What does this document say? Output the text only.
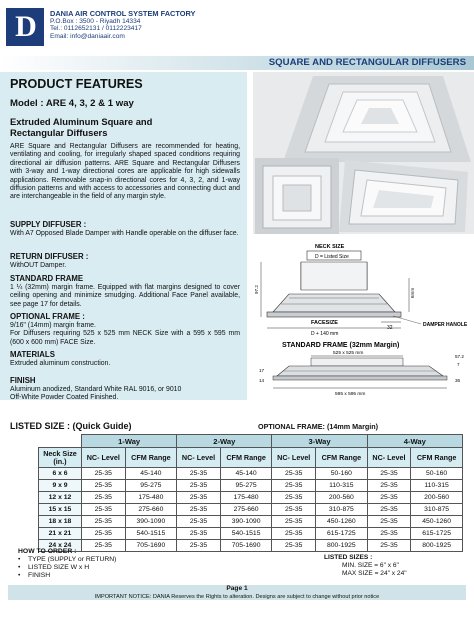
D DANIA AIR CONTROL SYSTEM FACTORY
P.O.Box : 3500 - Riyadh 14334
Tel.: 0112652131 / 0112223417
Email: info@daniaair.com
SQUARE AND RECTANGULAR DIFFUSERS
PRODUCT FEATURES
Model : ARE 4, 3, 2 & 1 way
Extruded Aluminum Square and
Rectangular Diffusers
ARE Square and Rectangular Diffusers are recommended for heating, ventilating and cooling, for irregularly shaped spaced conditions requiring directional air diffusion patterns. ARE Square and Rectangular Diffusers with 3-way and 1-way directional cores are applicable for high sidewalls applications. Removable snap-in directional cores for 4, 3, 2, and 1-way diffusion patterns and with access to accessories and connecting duct and are interchangeable in the field of any margin style.
SUPPLY DIFFUSER :
With A7 Opposed Blade Damper with Handle operable on the diffuser face.
RETURN DIFFUSER :
WithOUT Damper.
STANDARD FRAME
1 ¼ (32mm) margin frame. Equipped with flat margins designed to cover ceiling opening and minimize smudging. Additional Face Panel available, see page 17 for details.
OPTIONAL FRAME :
9/16" (14mm) margin frame.
For Diffusers requiring 525 x 525 mm NECK Size with a 595 x 595 mm (600 x 600 mm) FACE Size.
MATERIALS
Extruded aluminum construction.
FINISH
Aluminum anodized, Standard White RAL 9016, or 9010
Off-White Powder Coated Finished.
NECK SIZE
D = Listed Size
97.2	6mm
32
FACESIZE
D + 140 mm
DAMPER HANOLE
STANDARD FRAME (32mm Margin)
525 x 525 mm
595 x 595 mm
17
14
7
57.2
36
LISTED SIZE : (Quick Guide)	OPTIONAL FRAME: (14mm Margin)
	1-Way		2-Way		3-Way		4-Way	
Neck Size (in.)	NC- Level	CFM Range	NC- Level	CFM Range	NC- Level	CFM Range	NC- Level	CFM Range
6 x 6	25-35	45-140	25-35	45-140	25-35	50-160	25-35	50-160
9 x 9	25-35	95-275	25-35	95-275	25-35	110-315	25-35	110-315
12 x 12	25-35	175-480	25-35	175-480	25-35	200-560	25-35	200-560
15 x 15	25-35	275-660	25-35	275-660	25-35	310-875	25-35	310-875
18 x 18	25-35	390-1090	25-35	390-1090	25-35	450-1260	25-35	450-1260
21 x 21	25-35	540-1515	25-35	540-1515	25-35	615-1725	25-35	615-1725
24 x 24	25-35	705-1690	25-35	705-1690	25-35	800-1925	25-35	800-1925
HOW TO ORDER :
•    TYPE (SUPPLY or RETURN)
•    LISTED SIZE W x H
•    FINISH
LISTED SIZES :
MIN. SIZE = 6" x 6"
MAX SIZE = 24" x 24"
Page 1
IMPORTANT NOTICE: DANIA Reserves the Rights to alteration. Designs are subject to change without prior notice
